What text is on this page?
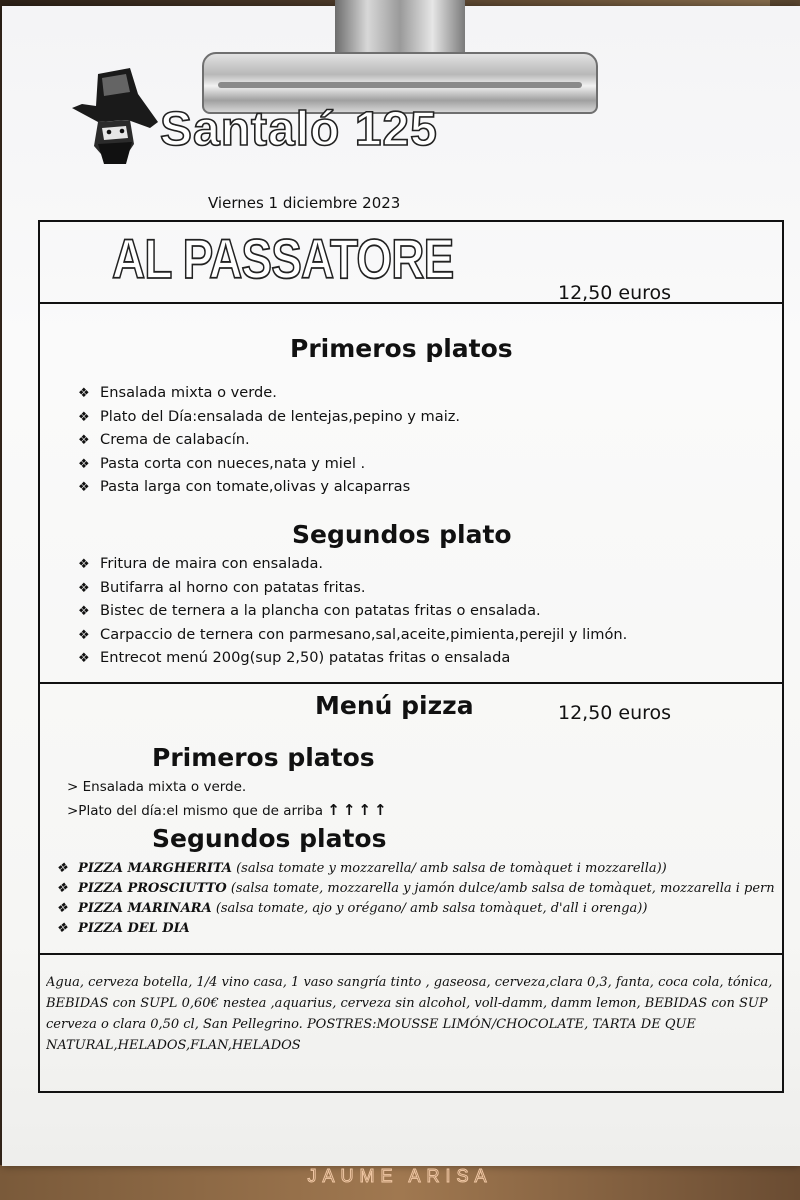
Santaló 125
Viernes 1 diciembre 2023
AL PASSATORE
12,50 euros
Primeros platos
❖ Ensalada mixta o verde.
❖ Plato del Día:ensalada de lentejas,pepino y maiz.
❖ Crema de calabacín.
❖ Pasta corta con nueces,nata y miel .
❖ Pasta larga con tomate,olivas y alcaparras
Segundos plato
❖ Fritura de maira con ensalada.
❖ Butifarra al horno con patatas fritas.
❖ Bistec de ternera a la plancha con patatas fritas o ensalada.
❖ Carpaccio de ternera con parmesano,sal,aceite,pimienta,perejil y limón.
❖ Entrecot menú 200g(sup 2,50) patatas fritas o ensalada
Menú pizza	12,50 euros
Primeros platos
> Ensalada mixta o verde.
>Plato del día:el mismo que de arriba ↑↑↑↑
Segundos platos
❖ PIZZA MARGHERITA (salsa tomate y mozzarella/ amb salsa de tomàquet i mozzarella))
❖ PIZZA PROSCIUTTO (salsa tomate, mozzarella y jamón dulce/amb salsa de tomàquet, mozzarella i pern
❖ PIZZA MARINARA (salsa tomate, ajo y orégano/ amb salsa tomàquet, d'all i orenga))
❖ PIZZA DEL DIA
Agua, cerveza botella, 1/4 vino casa, 1 vaso sangría tinto , gaseosa, cerveza,clara 0,3, fanta, coca cola, tónica,
BEBIDAS con SUPL 0,60€ nestea ,aquarius, cerveza sin alcohol, voll-damm, damm lemon, BEBIDAS con SUP
cerveza o clara 0,50 cl, San Pellegrino. POSTRES:MOUSSE LIMÓN/CHOCOLATE, TARTA DE QUE
NATURAL,HELADOS,FLAN,HELADOS
JAUME ARISA
